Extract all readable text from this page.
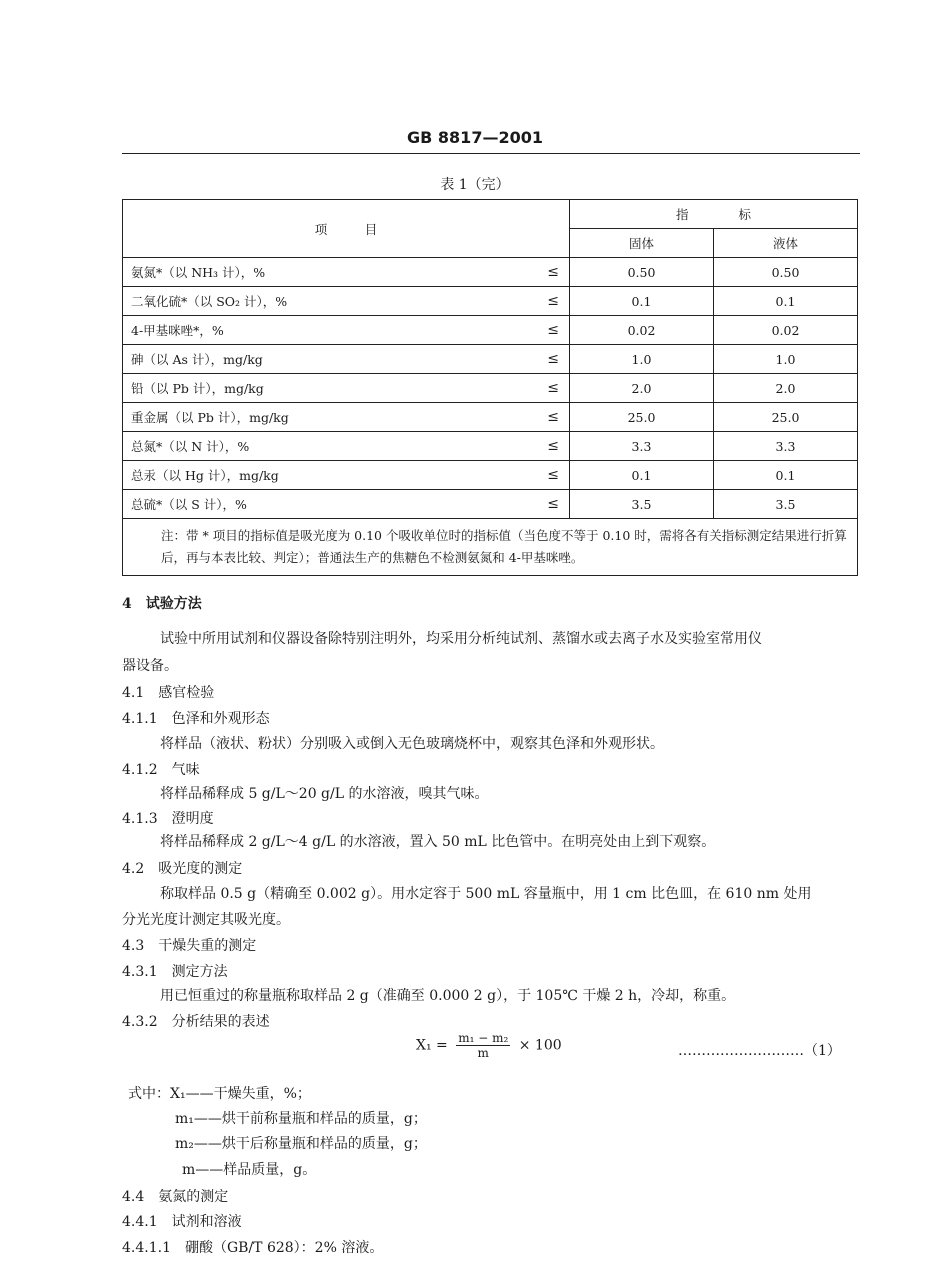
GB 8817—2001
表 1（完）
项　　　目		指　　　　标	
		固体	液体
氨氮*（以 NH₃ 计），%	≤	0.50	0.50
二氧化硫*（以 SO₂ 计），%	≤	0.1	0.1
4-甲基咪唑*，%	≤	0.02	0.02
砷（以 As 计），mg/kg	≤	1.0	1.0
铅（以 Pb 计），mg/kg	≤	2.0	2.0
重金属（以 Pb 计），mg/kg	≤	25.0	25.0
总氮*（以 N 计），%	≤	3.3	3.3
总汞（以 Hg 计），mg/kg	≤	0.1	0.1
总硫*（以 S 计），%	≤	3.5	3.5
注：带 * 项目的指标值是吸光度为 0.10 个吸收单位时的指标值（当色度不等于 0.10 时，需将各有关指标测定结果进行折算后，再与本表比较、判定）；普通法生产的焦糖色不检测氨氮和 4-甲基咪唑。			
4　试验方法
试验中所用试剂和仪器设备除特别注明外，均采用分析纯试剂、蒸馏水或去离子水及实验室常用仪
器设备。
4.1　感官检验
4.1.1　色泽和外观形态
将样品（液状、粉状）分别吸入或倒入无色玻璃烧杯中，观察其色泽和外观形状。
4.1.2　气味
将样品稀释成 5 g/L～20 g/L 的水溶液，嗅其气味。
4.1.3　澄明度
将样品稀释成 2 g/L～4 g/L 的水溶液，置入 50 mL 比色管中。在明亮处由上到下观察。
4.2　吸光度的测定
称取样品 0.5 g（精确至 0.002 g）。用水定容于 500 mL 容量瓶中，用 1 cm 比色皿，在 610 nm 处用
分光光度计测定其吸光度。
4.3　干燥失重的测定
4.3.1　测定方法
用已恒重过的称量瓶称取样品 2 g（准确至 0.000 2 g），于 105℃ 干燥 2 h，冷却，称重。
4.3.2　分析结果的表述
$X_1 = \frac{\text{m₁ − m₂}}{m} \times 100$	………………………（1）
式中：X₁——干燥失重，%；
m₁——烘干前称量瓶和样品的质量，g；
m₂——烘干后称量瓶和样品的质量，g；
m——样品质量，g。
4.4　氨氮的测定
4.4.1　试剂和溶液
4.4.1.1　硼酸（GB/T 628）：2% 溶液。
